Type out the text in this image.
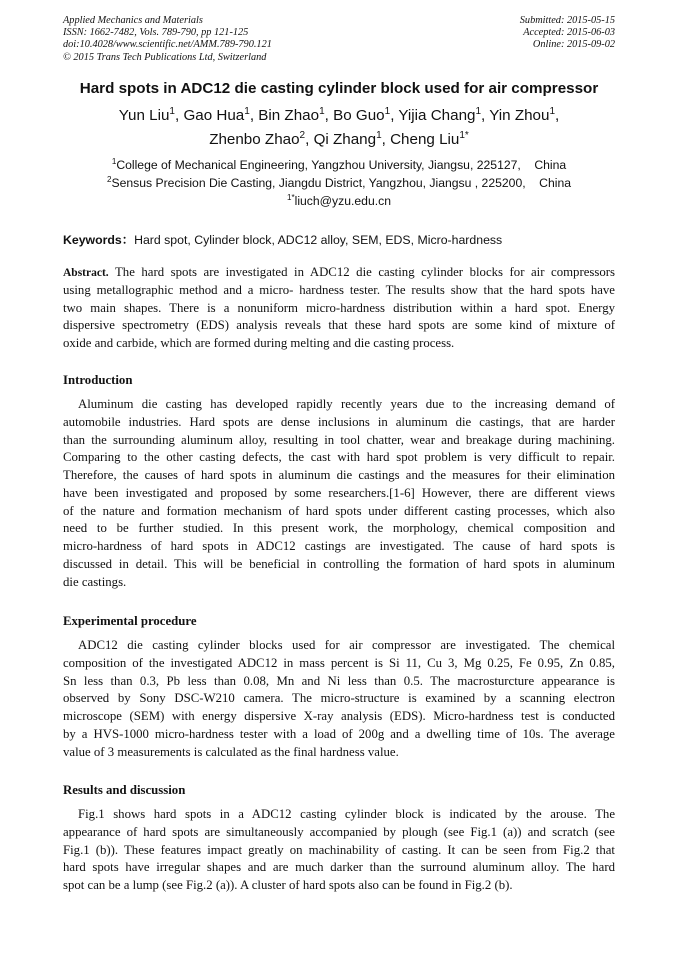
Applied Mechanics and Materials
ISSN: 1662-7482, Vols. 789-790, pp 121-125
doi:10.4028/www.scientific.net/AMM.789-790.121
© 2015 Trans Tech Publications Ltd, Switzerland
Submitted: 2015-05-15
Accepted: 2015-06-03
Online: 2015-09-02
Hard spots in ADC12 die casting cylinder block used for air compressor
Yun Liu$^1$, Gao Hua$^1$, Bin Zhao$^1$, Bo Guo$^1$, Yijia Chang$^1$, Yin Zhou$^1$,
Zhenbo Zhao$^2$, Qi Zhang$^1$, Cheng Liu$^{1*}$
$^1$College of Mechanical Engineering, Yangzhou University, Jiangsu, 225127,    China
$^2$Sensus Precision Die Casting, Jiangdu District, Yangzhou, Jiangsu , 225200,    China
$^{1*}$liuch@yzu.edu.cn
Keywords：Hard spot, Cylinder block, ADC12 alloy, SEM, EDS, Micro-hardness
Abstract. The hard spots are investigated in ADC12 die casting cylinder blocks for air compressors
using metallographic method and a micro- hardness tester. The results show that the hard spots have
two main shapes. There is a nonuniform micro-hardness distribution within a hard spot. Energy
dispersive spectrometry (EDS) analysis reveals that these hard spots are some kind of mixture of
oxide and carbide, which are formed during melting and die casting process.
Introduction
Aluminum die casting has developed rapidly recently years due to the increasing demand of
automobile industries. Hard spots are dense inclusions in aluminum die castings, that are harder
than the surrounding aluminum alloy, resulting in tool chatter, wear and breakage during machining.
Comparing to the other casting defects, the cast with hard spot problem is very difficult to repair.
Therefore, the causes of hard spots in aluminum die castings and the measures for their elimination
have been investigated and proposed by some researchers.[1-6] However, there are different views
of the nature and formation mechanism of hard spots under different casting processes, which also
need to be further studied. In this present work, the morphology, chemical composition and
micro-hardness of hard spots in ADC12 castings are investigated. The cause of hard spots is
discussed in detail. This will be beneficial in controlling the formation of hard spots in aluminum
die castings.
Experimental procedure
ADC12 die casting cylinder blocks used for air compressor are investigated. The chemical
composition of the investigated ADC12 in mass percent is Si 11, Cu 3, Mg 0.25, Fe 0.95, Zn 0.85,
Sn less than 0.3, Pb less than 0.08, Mn and Ni less than 0.5. The macrosturcture appearance is
observed by Sony DSC-W210 camera. The micro-structure is examined by a scanning electron
microscope (SEM) with energy dispersive X-ray analysis (EDS). Micro-hardness test is conducted
by a HVS-1000 micro-hardness tester with a load of 200g and a dwelling time of 10s. The average
value of 3 measurements is calculated as the final hardness value.
Results and discussion
Fig.1 shows hard spots in a ADC12 casting cylinder block is indicated by the arouse. The
appearance of hard spots are simultaneously accompanied by plough (see Fig.1 (a)) and scratch (see
Fig.1 (b)). These features impact greatly on machinability of casting. It can be seen from Fig.2 that
hard spots have irregular shapes and are much darker than the surround aluminum alloy. The hard
spot can be a lump (see Fig.2 (a)). A cluster of hard spots also can be found in Fig.2 (b).
